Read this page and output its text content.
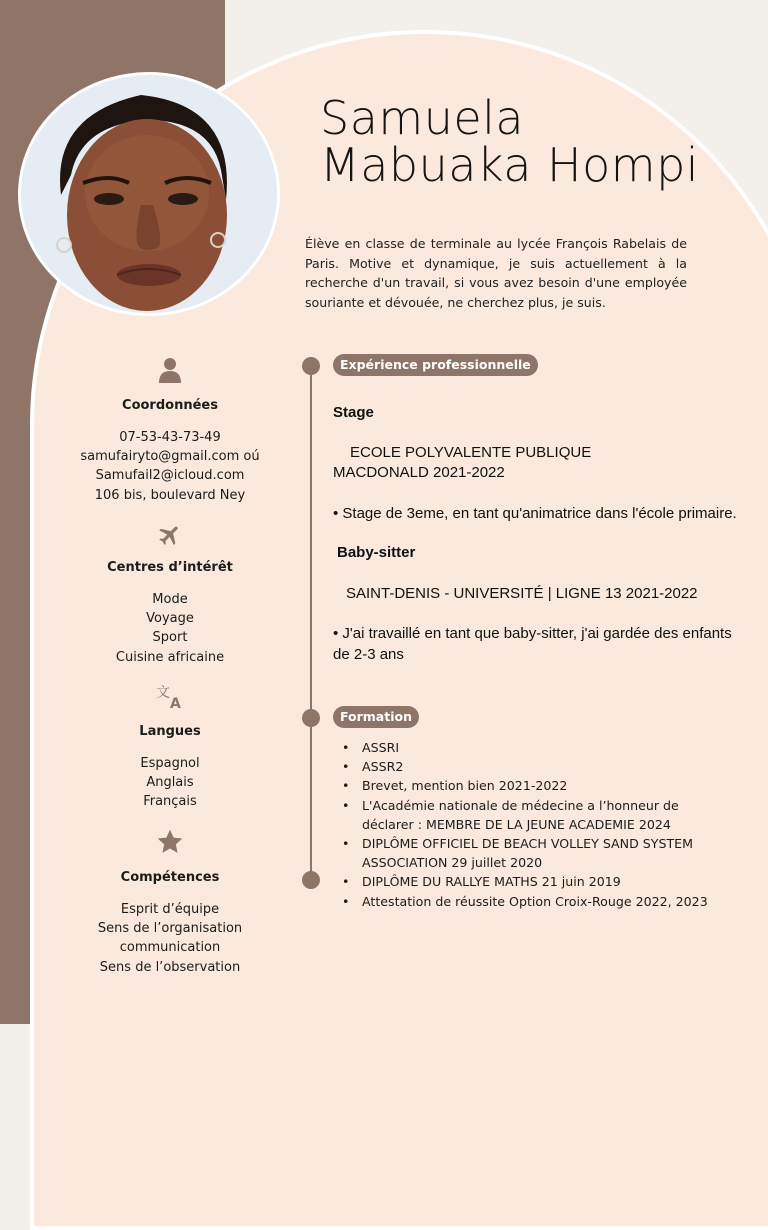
Samuela
Mabuaka Hompi

Élève en classe de terminale au lycée François Rabelais de Paris. Motive et dynamique, je suis actuellement à la recherche d'un travail, si vous avez besoin d'une employée souriante et dévouée, ne cherchez plus, je suis.

Coordonnées
07-53-43-73-49
samufairyto@gmail.com oú
Samufail2@icloud.com
106 bis, boulevard Ney
Centres d’intérêt
Mode
Voyage
Sport
Cuisine africaine
文
A
Langues
Espagnol
Anglais
Français
Compétences
Esprit d’équipe
Sens de l’organisation
communication
Sens de l’observation
Expérience professionnelle

Stage

ECOLE POLYVALENTE PUBLIQUE

MACDONALD 2021-2022

• Stage de 3eme, en tant qu'animatrice dans l'école primaire.

Baby-sitter

SAINT-DENIS - UNIVERSITÉ | LIGNE 13 2021-2022

• J'ai travaillé en tant que baby-sitter, j'ai gardée des enfants

de 2-3 ans

Formation
• ASSRI
• ASSR2
• Brevet, mention bien 2021-2022
• L'Académie nationale de médecine a l’honneur de déclarer : MEMBRE DE LA JEUNE ACADEMIE 2024
• DIPLÔME OFFICIEL DE BEACH VOLLEY SAND SYSTEM ASSOCIATION 29 juillet 2020
• DIPLÔME DU RALLYE MATHS 21 juin 2019
• Attestation de réussite Option Croix-Rouge 2022, 2023
